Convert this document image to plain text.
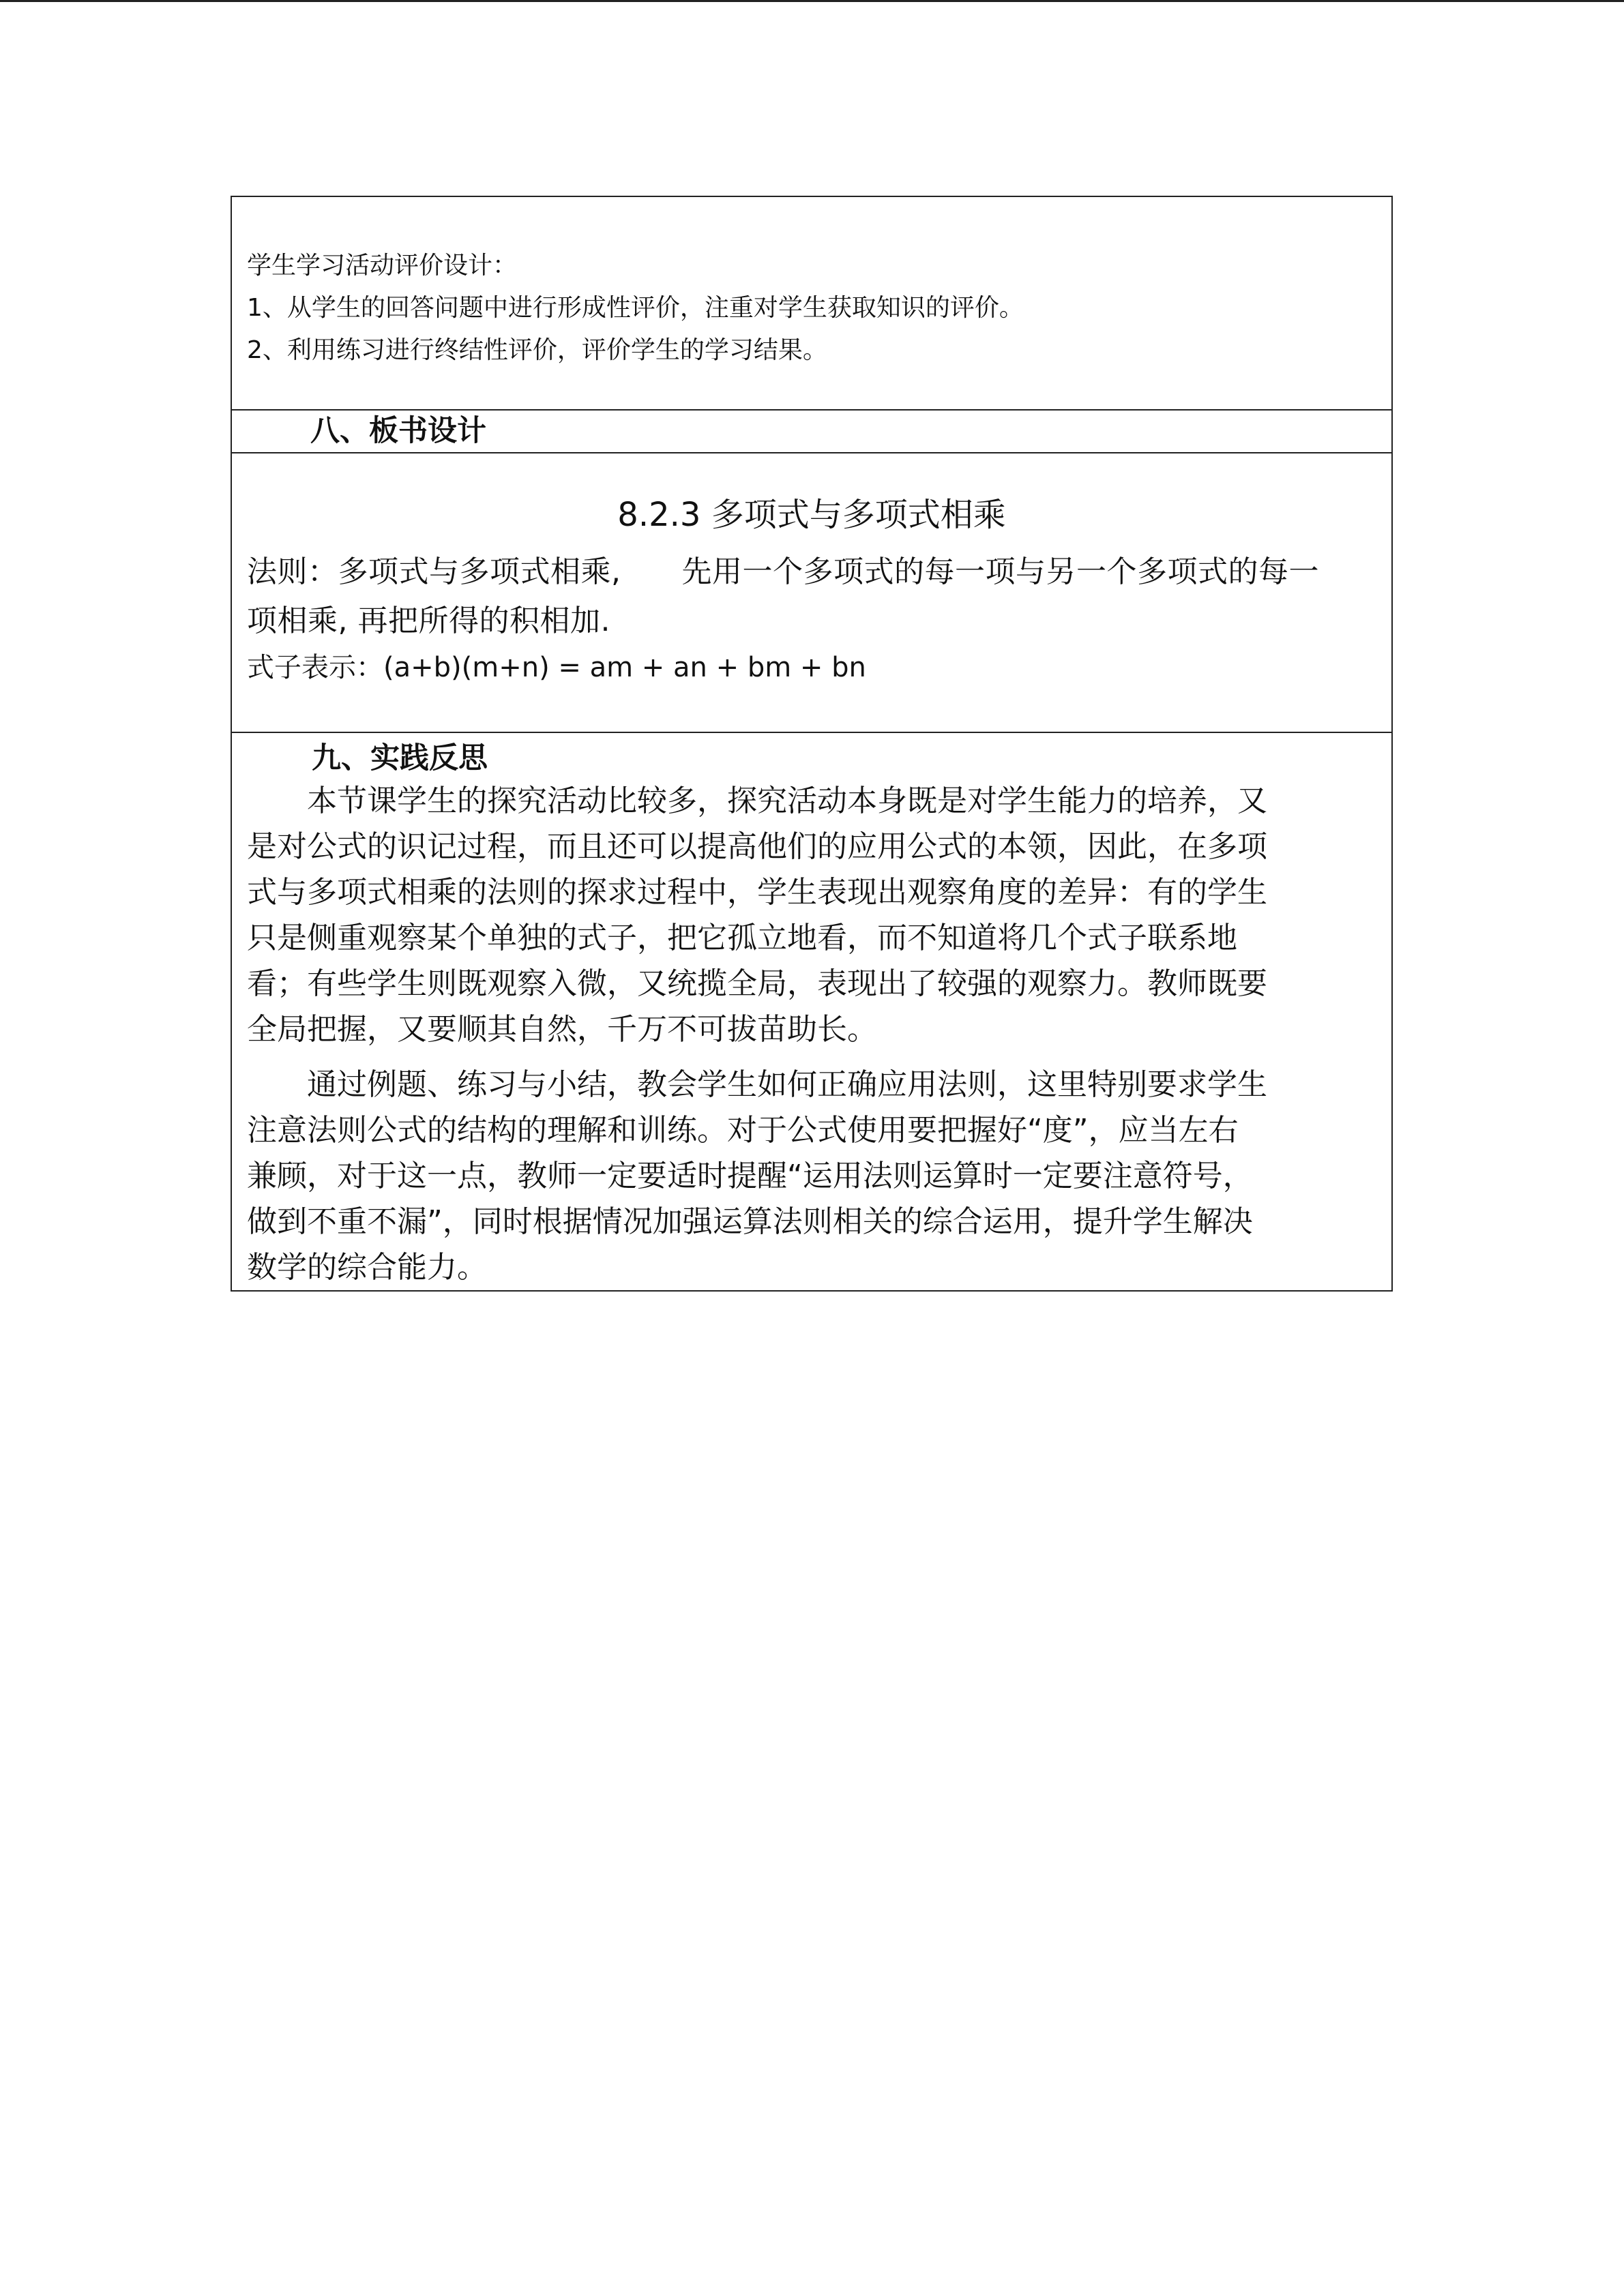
学生学习活动评价设计：
1、从学生的回答问题中进行形成性评价，注重对学生获取知识的评价。
2、利用练习进行终结性评价，评价学生的学习结果。

八、板书设计

8.2.3 多项式与多项式相乘
法则：多项式与多项式相乘,　　先用一个多项式的每一项与另一个多项式的每一
项相乘, 再把所得的积相加.
式子表示：(a+b)(m+n) = am + an + bm + bn

九、实践反思

　　本节课学生的探究活动比较多，探究活动本身既是对学生能力的培养，又
是对公式的识记过程，而且还可以提高他们的应用公式的本领，因此，在多项
式与多项式相乘的法则的探求过程中，学生表现出观察角度的差异：有的学生
只是侧重观察某个单独的式子，把它孤立地看，而不知道将几个式子联系地
看；有些学生则既观察入微，又统揽全局，表现出了较强的观察力。教师既要
全局把握，又要顺其自然，千万不可拔苗助长。

　　通过例题、练习与小结，教会学生如何正确应用法则，这里特别要求学生
注意法则公式的结构的理解和训练。对于公式使用要把握好“度”，应当左右
兼顾，对于这一点，教师一定要适时提醒“运用法则运算时一定要注意符号，
做到不重不漏”，同时根据情况加强运算法则相关的综合运用，提升学生解决
数学的综合能力。
